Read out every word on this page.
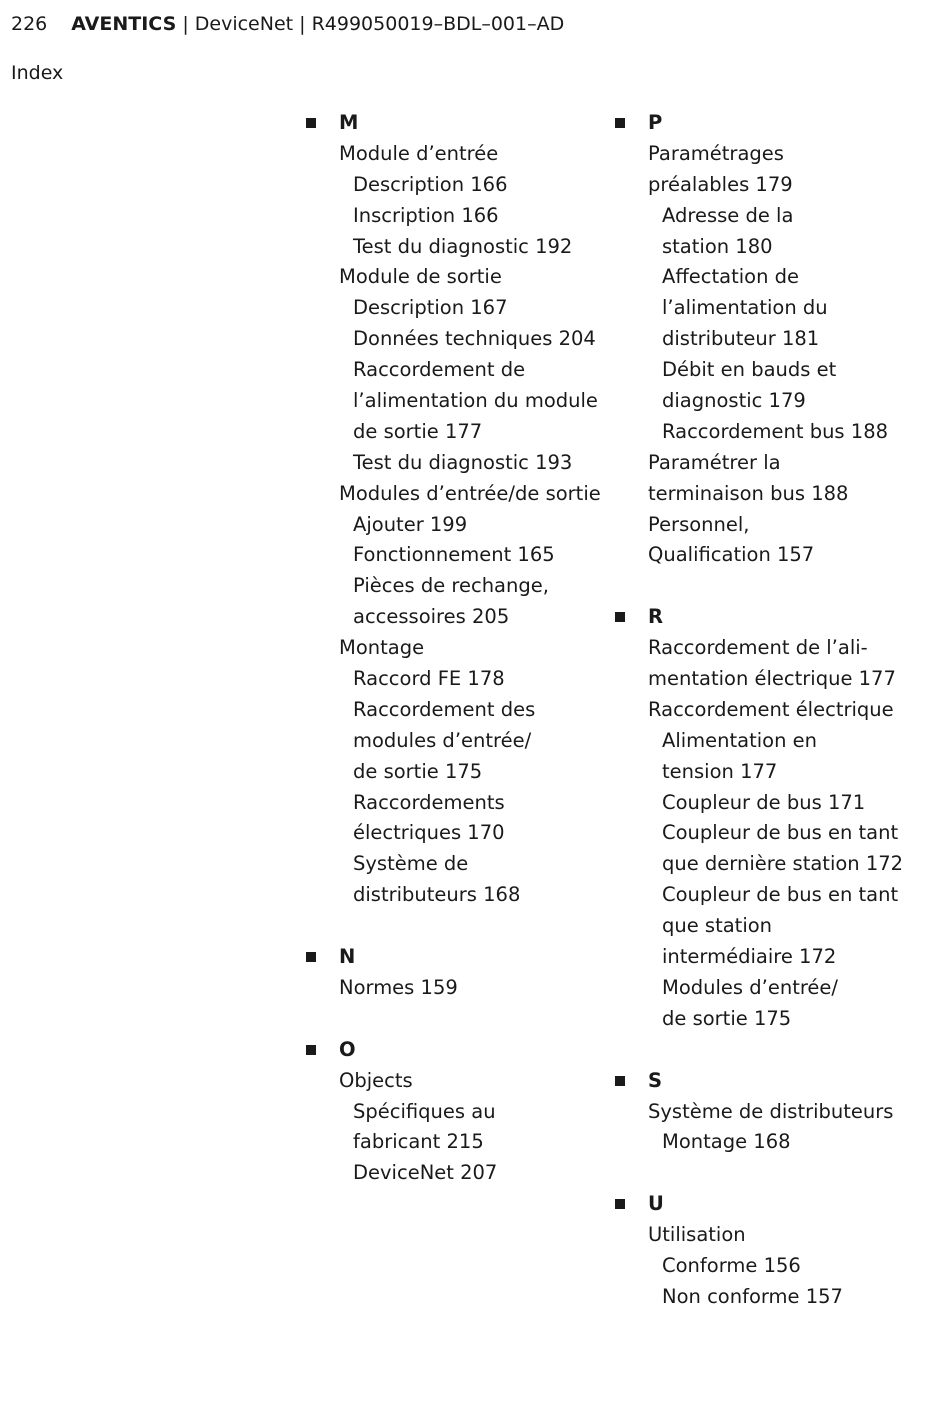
226 AVENTICS | DeviceNet | R499050019–BDL–001–AD
Index
M
Module d’entrée
Description 166
Inscription 166
Test du diagnostic 192
Module de sortie
Description 167
Données techniques 204
Raccordement de
l’alimentation du module
de sortie 177
Test du diagnostic 193
Modules d’entrée/de sortie
Ajouter 199
Fonctionnement 165
Pièces de rechange,
accessoires 205
Montage
Raccord FE 178
Raccordement des
modules d’entrée/
de sortie 175
Raccordements
électriques 170
Système de
distributeurs 168
N
Normes 159
O
Objects
Spécifiques au
fabricant 215
DeviceNet 207
P
Paramétrages
préalables 179
Adresse de la
station 180
Affectation de
l’alimentation du
distributeur 181
Débit en bauds et
diagnostic 179
Raccordement bus 188
Paramétrer la
terminaison bus 188
Personnel,
Qualification 157
R
Raccordement de l’ali-
mentation électrique 177
Raccordement électrique
Alimentation en
tension 177
Coupleur de bus 171
Coupleur de bus en tant
que dernière station 172
Coupleur de bus en tant
que station
intermédiaire 172
Modules d’entrée/
de sortie 175
S
Système de distributeurs
Montage 168
U
Utilisation
Conforme 156
Non conforme 157
